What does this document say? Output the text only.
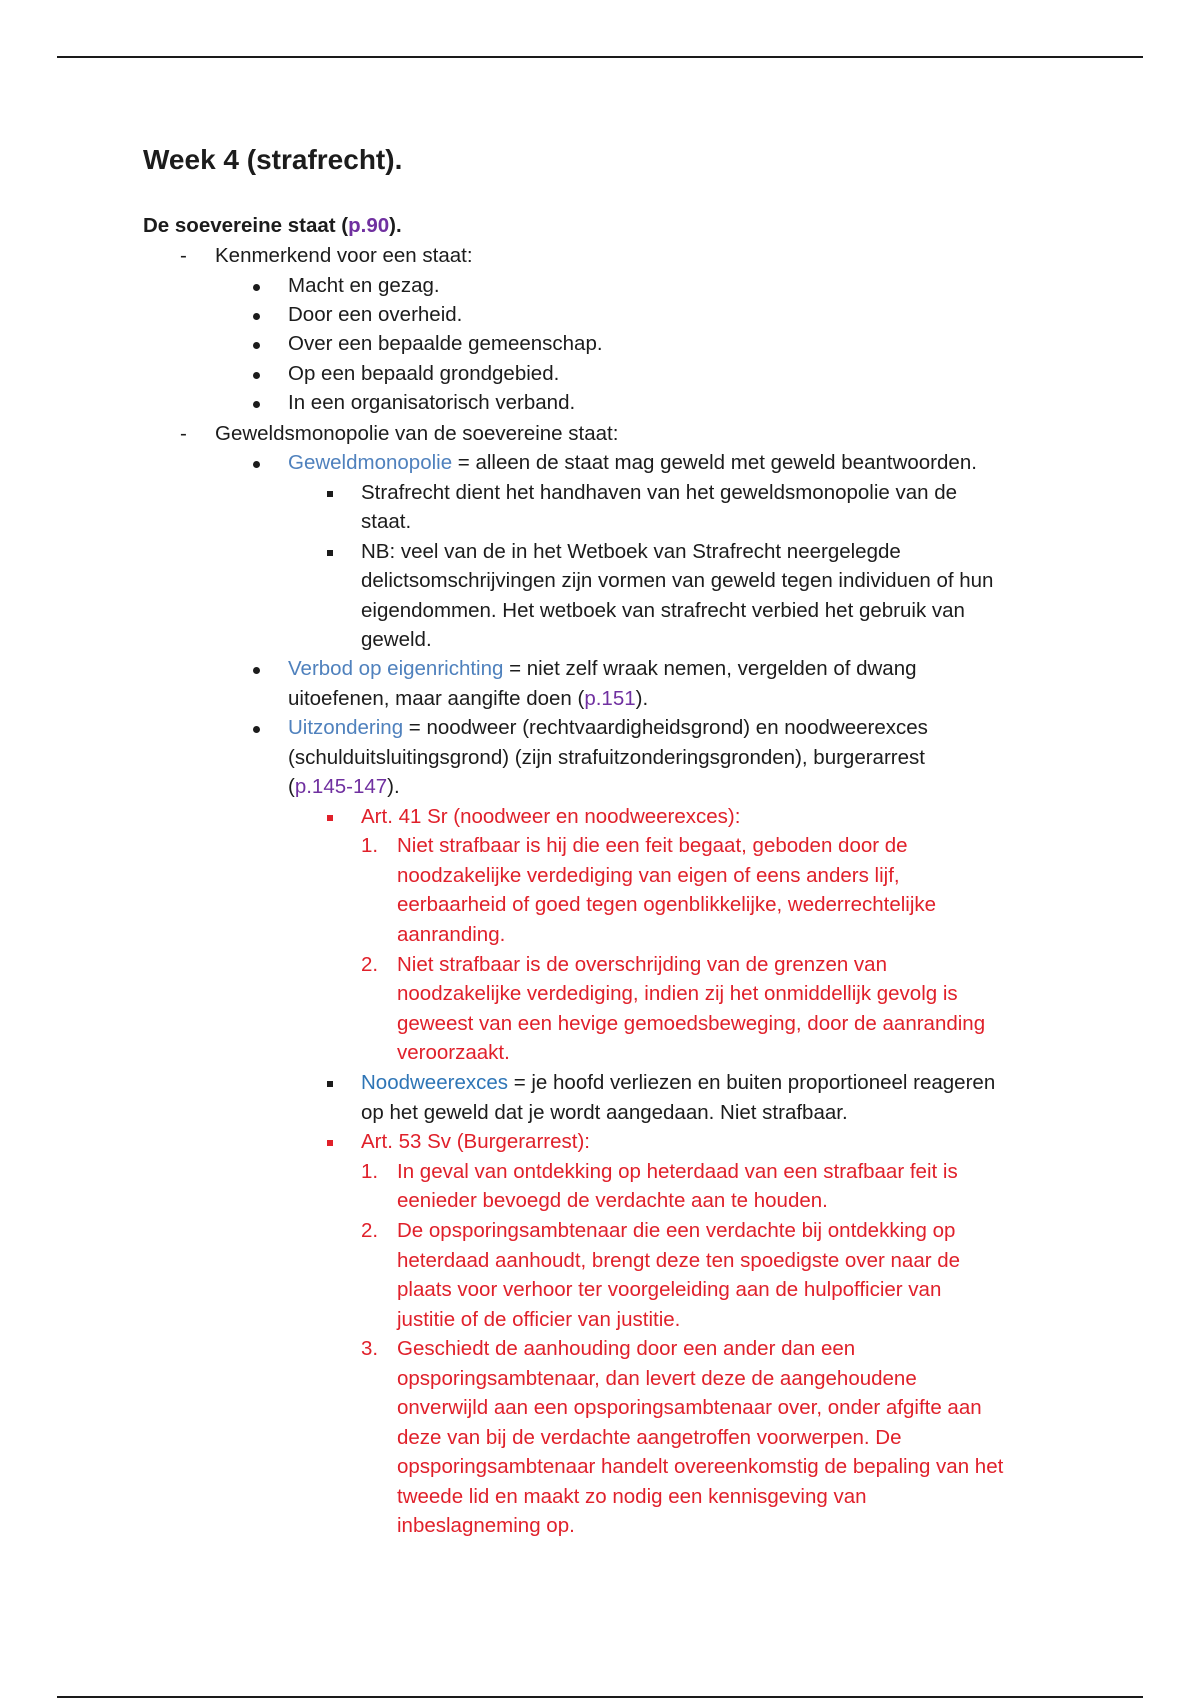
Week 4 (strafrecht).
De soevereine staat (p.90).
- Kenmerkend voor een staat:
Macht en gezag.
Door een overheid.
Over een bepaalde gemeenschap.
Op een bepaald grondgebied.
In een organisatorisch verband.
- Geweldsmonopolie van de soevereine staat:
Geweldmonopolie = alleen de staat mag geweld met geweld beantwoorden.
Strafrecht dient het handhaven van het geweldsmonopolie van de
staat.
NB: veel van de in het Wetboek van Strafrecht neergelegde
delictsomschrijvingen zijn vormen van geweld tegen individuen of hun
eigendommen. Het wetboek van strafrecht verbied het gebruik van
geweld.
Verbod op eigenrichting = niet zelf wraak nemen, vergelden of dwang
uitoefenen, maar aangifte doen (p.151).
Uitzondering = noodweer (rechtvaardigheidsgrond) en noodweerexces
(schulduitsluitingsgrond) (zijn strafuitzonderingsgronden), burgerarrest
(p.145-147).
Art. 41 Sr (noodweer en noodweerexces):
1. Niet strafbaar is hij die een feit begaat, geboden door de
noodzakelijke verdediging van eigen of eens anders lijf,
eerbaarheid of goed tegen ogenblikkelijke, wederrechtelijke
aanranding.
2. Niet strafbaar is de overschrijding van de grenzen van
noodzakelijke verdediging, indien zij het onmiddellijk gevolg is
geweest van een hevige gemoedsbeweging, door de aanranding
veroorzaakt.
Noodweerexces = je hoofd verliezen en buiten proportioneel reageren
op het geweld dat je wordt aangedaan. Niet strafbaar.
Art. 53 Sv (Burgerarrest):
1. In geval van ontdekking op heterdaad van een strafbaar feit is
eenieder bevoegd de verdachte aan te houden.
2. De opsporingsambtenaar die een verdachte bij ontdekking op
heterdaad aanhoudt, brengt deze ten spoedigste over naar de
plaats voor verhoor ter voorgeleiding aan de hulpofficier van
justitie of de officier van justitie.
3. Geschiedt de aanhouding door een ander dan een
opsporingsambtenaar, dan levert deze de aangehoudene
onverwijld aan een opsporingsambtenaar over, onder afgifte aan
deze van bij de verdachte aangetroffen voorwerpen. De
opsporingsambtenaar handelt overeenkomstig de bepaling van het
tweede lid en maakt zo nodig een kennisgeving van
inbeslagneming op.
